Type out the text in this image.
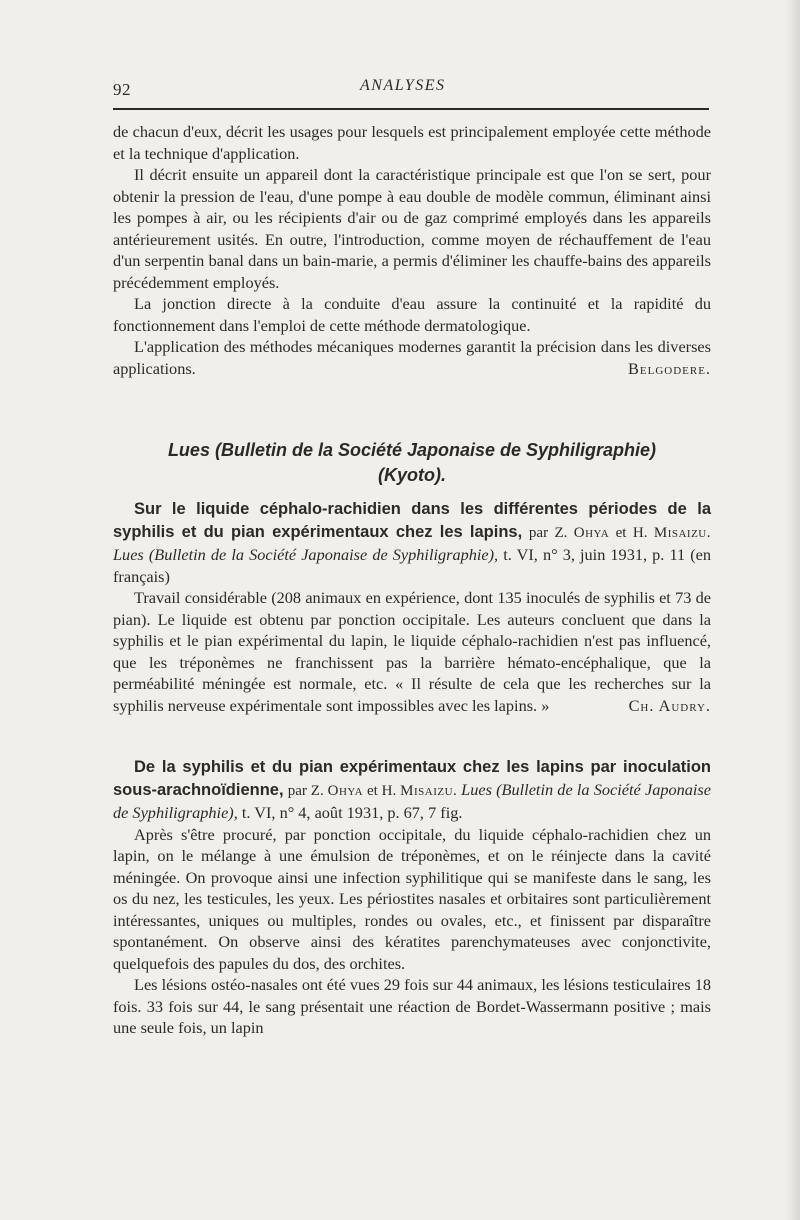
92	ANALYSES

de chacun d'eux, décrit les usages pour lesquels est principalement employée cette méthode et la technique d'application.

Il décrit ensuite un appareil dont la caractéristique principale est que l'on se sert, pour obtenir la pression de l'eau, d'une pompe à eau double de modèle commun, éliminant ainsi les pompes à air, ou les récipients d'air ou de gaz comprimé employés dans les appareils antérieurement usités. En outre, l'introduction, comme moyen de réchauffement de l'eau d'un serpentin banal dans un bain-marie, a permis d'éliminer les chauffe-bains des appareils précédemment employés.

La jonction directe à la conduite d'eau assure la continuité et la rapidité du fonctionnement dans l'emploi de cette méthode dermatologique.

L'application des méthodes mécaniques modernes garantit la précision dans les diverses applications.	Belgodere.

Lues (Bulletin de la Société Japonaise de Syphiligraphie)
(Kyoto).

Sur le liquide céphalo-rachidien dans les différentes périodes de la syphilis et du pian expérimentaux chez les lapins, par Z. Ohya et H. Misaizu. Lues (Bulletin de la Société Japonaise de Syphiligraphie), t. VI, n° 3, juin 1931, p. 11 (en français)

Travail considérable (208 animaux en expérience, dont 135 inoculés de syphilis et 73 de pian). Le liquide est obtenu par ponction occipitale. Les auteurs concluent que dans la syphilis et le pian expérimental du lapin, le liquide céphalo-rachidien n'est pas influencé, que les tréponèmes ne franchissent pas la barrière hémato-encéphalique, que la perméabilité méningée est normale, etc. « Il résulte de cela que les recherches sur la syphilis nerveuse expérimentale sont impossibles avec les lapins. »	Ch. Audry.

De la syphilis et du pian expérimentaux chez les lapins par inoculation sous-arachnoïdienne, par Z. Ohya et H. Misaizu. Lues (Bulletin de la Société Japonaise de Syphiligraphie), t. VI, n° 4, août 1931, p. 67, 7 fig.

Après s'être procuré, par ponction occipitale, du liquide céphalo-rachidien chez un lapin, on le mélange à une émulsion de tréponèmes, et on le réinjecte dans la cavité méningée. On provoque ainsi une infection syphilitique qui se manifeste dans le sang, les os du nez, les testicules, les yeux. Les périostites nasales et orbitaires sont particulièrement intéressantes, uniques ou multiples, rondes ou ovales, etc., et finissent par disparaître spontanément. On observe ainsi des kératites parenchymateuses avec conjonctivite, quelquefois des papules du dos, des orchites.

Les lésions ostéo-nasales ont été vues 29 fois sur 44 animaux, les lésions testiculaires 18 fois. 33 fois sur 44, le sang présentait une réaction de Bordet-Wassermann positive ; mais une seule fois, un lapin
